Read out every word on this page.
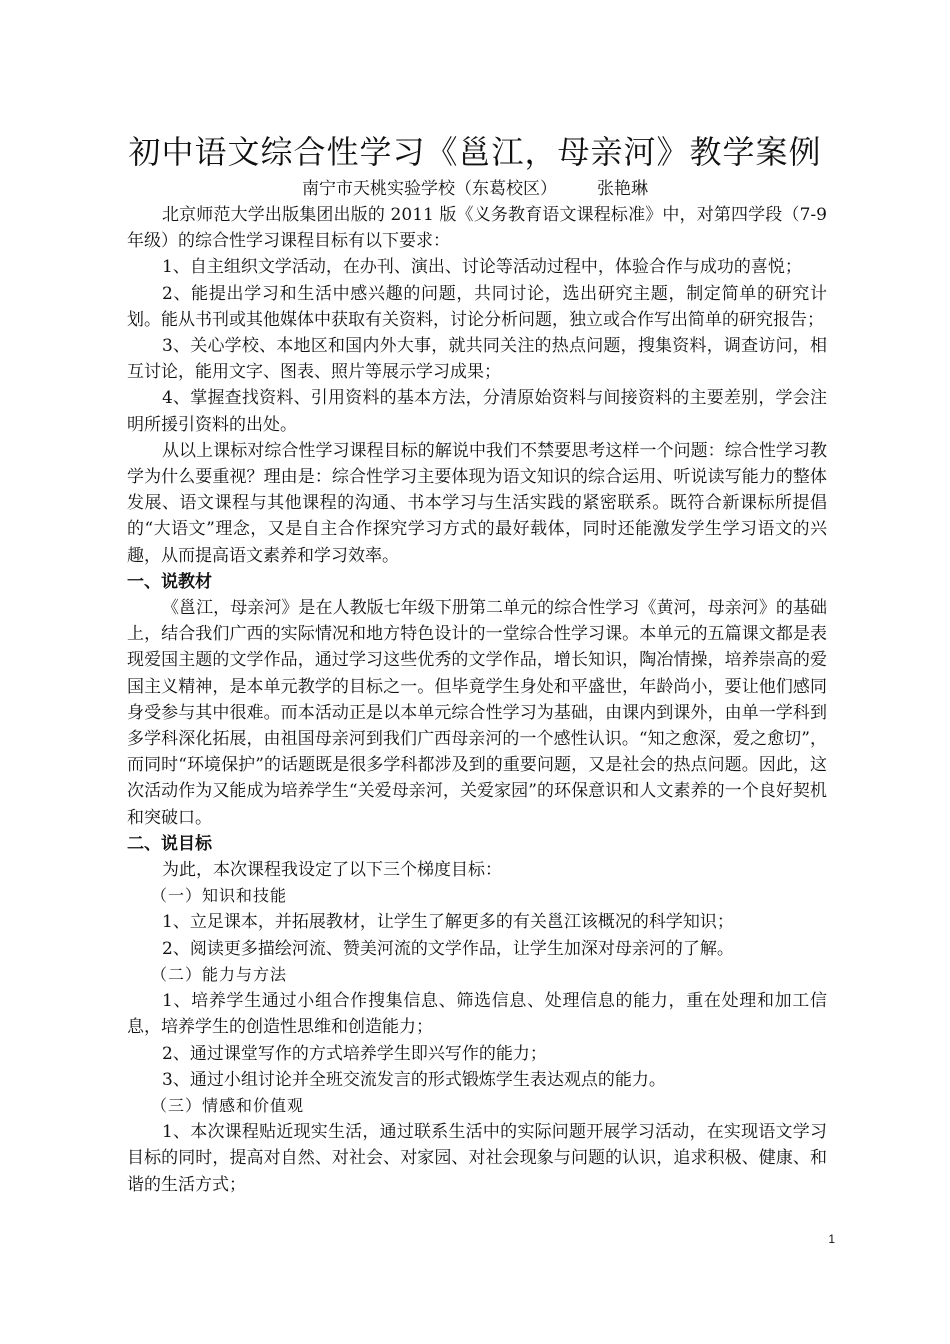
初中语文综合性学习《邕江，母亲河》教学案例
南宁市天桃实验学校（东葛校区） 张艳琳

北京师范大学出版集团出版的 2011 版《义务教育语文课程标准》中，对第四学段（7-9 年级）的综合性学习课程目标有以下要求：

1、自主组织文学活动，在办刊、演出、讨论等活动过程中，体验合作与成功的喜悦；

2、能提出学习和生活中感兴趣的问题，共同讨论，选出研究主题，制定简单的研究计划。能从书刊或其他媒体中获取有关资料，讨论分析问题，独立或合作写出简单的研究报告；

3、关心学校、本地区和国内外大事，就共同关注的热点问题，搜集资料，调查访问，相互讨论，能用文字、图表、照片等展示学习成果；

4、掌握查找资料、引用资料的基本方法，分清原始资料与间接资料的主要差别，学会注明所援引资料的出处。

从以上课标对综合性学习课程目标的解说中我们不禁要思考这样一个问题：综合性学习教学为什么要重视？理由是：综合性学习主要体现为语文知识的综合运用、听说读写能力的整体发展、语文课程与其他课程的沟通、书本学习与生活实践的紧密联系。既符合新课标所提倡的“大语文”理念，又是自主合作探究学习方式的最好载体，同时还能激发学生学习语文的兴趣，从而提高语文素养和学习效率。

一、说教材

《邕江，母亲河》是在人教版七年级下册第二单元的综合性学习《黄河，母亲河》的基础上，结合我们广西的实际情况和地方特色设计的一堂综合性学习课。本单元的五篇课文都是表现爱国主题的文学作品，通过学习这些优秀的文学作品，增长知识，陶冶情操，培养崇高的爱国主义精神，是本单元教学的目标之一。但毕竟学生身处和平盛世，年龄尚小，要让他们感同身受参与其中很难。而本活动正是以本单元综合性学习为基础，由课内到课外，由单一学科到多学科深化拓展，由祖国母亲河到我们广西母亲河的一个感性认识。“知之愈深，爱之愈切”，而同时“环境保护”的话题既是很多学科都涉及到的重要问题，又是社会的热点问题。因此，这次活动作为又能成为培养学生“关爱母亲河，关爱家园”的环保意识和人文素养的一个良好契机和突破口。

二、说目标

为此，本次课程我设定了以下三个梯度目标：

（一）知识和技能

1、立足课本，并拓展教材，让学生了解更多的有关邕江该概况的科学知识；

2、阅读更多描绘河流、赞美河流的文学作品，让学生加深对母亲河的了解。

（二）能力与方法

1、培养学生通过小组合作搜集信息、筛选信息、处理信息的能力，重在处理和加工信息，培养学生的创造性思维和创造能力；

2、通过课堂写作的方式培养学生即兴写作的能力；

3、通过小组讨论并全班交流发言的形式锻炼学生表达观点的能力。

（三）情感和价值观

1、本次课程贴近现实生活，通过联系生活中的实际问题开展学习活动，在实现语文学习目标的同时，提高对自然、对社会、对家园、对社会现象与问题的认识，追求积极、健康、和谐的生活方式；

1
